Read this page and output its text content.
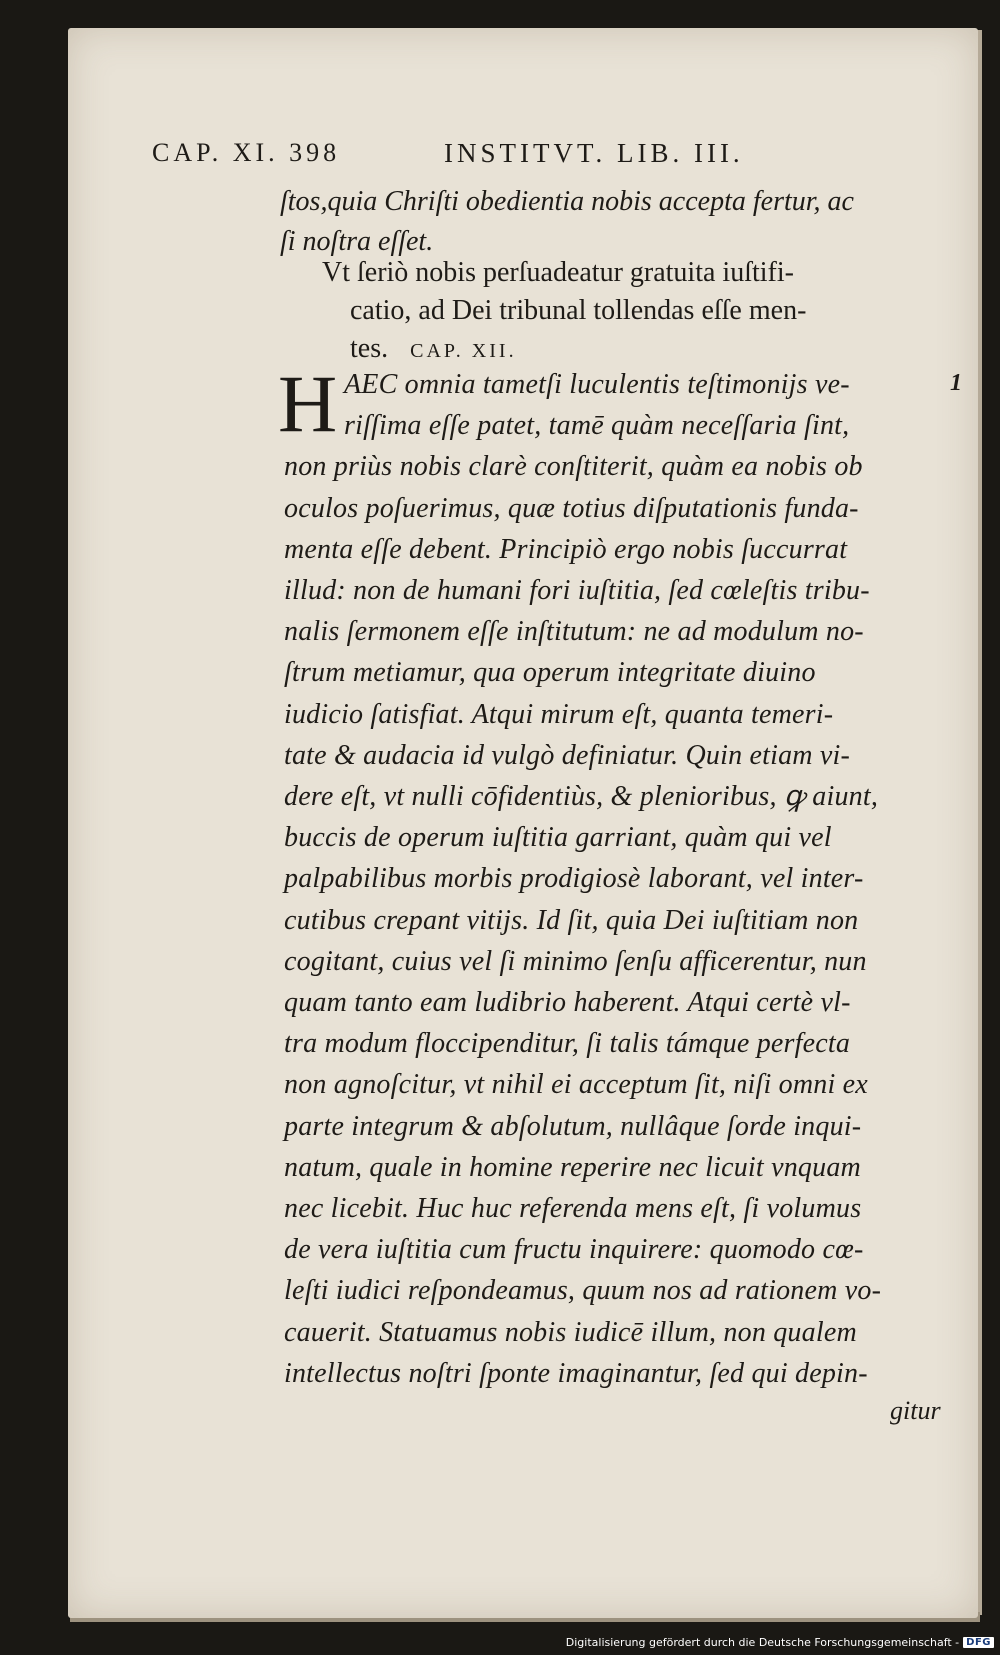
CAP. XI. 398	INSTITVT. LIB. III.
ſtos,quia Chriſti obedientia nobis accepta fertur, ac
ſi noſtra eſſet.
Vt ſeriò nobis perſuadeatur gratuita iuſtifi-
catio, ad Dei tribunal tollendas eſſe men-
tes. CAP. XII.
1
H AEC omnia tametſi luculentis teſtimonijs ve-
riſſima eſſe patet, tamē quàm neceſſaria ſint,
non priùs nobis clarè conſtiterit, quàm ea nobis ob
oculos poſuerimus, quæ totius diſputationis funda-
menta eſſe debent. Principiò ergo nobis ſuccurrat
illud: non de humani fori iuſtitia, ſed cœleſtis tribu-
nalis ſermonem eſſe inſtitutum: ne ad modulum no-
ſtrum metiamur, qua operum integritate diuino
iudicio ſatisfiat. Atqui mirum eſt, quanta temeri-
tate & audacia id vulgò definiatur. Quin etiam vi-
dere eſt, vt nulli cōfidentiùs, & plenioribus, ꝙ aiunt,
buccis de operum iuſtitia garriant, quàm qui vel
palpabilibus morbis prodigiosè laborant, vel inter-
cutibus crepant vitijs. Id ſit, quia Dei iuſtitiam non
cogitant, cuius vel ſi minimo ſenſu afficerentur, nun
quam tanto eam ludibrio haberent. Atqui certè vl-
tra modum floccipenditur, ſi talis támque perfecta
non agnoſcitur, vt nihil ei acceptum ſit, niſi omni ex
parte integrum & abſolutum, nullâque ſorde inqui-
natum, quale in homine reperire nec licuit vnquam
nec licebit. Huc huc referenda mens eſt, ſi volumus
de vera iuſtitia cum fructu inquirere: quomodo cœ-
leſti iudici reſpondeamus, quum nos ad rationem vo-
cauerit. Statuamus nobis iudicē illum, non qualem
intellectus noſtri ſponte imaginantur, ſed qui depin-
gitur
Digitalisierung gefördert durch die Deutsche Forschungsgemeinschaft - DFG
